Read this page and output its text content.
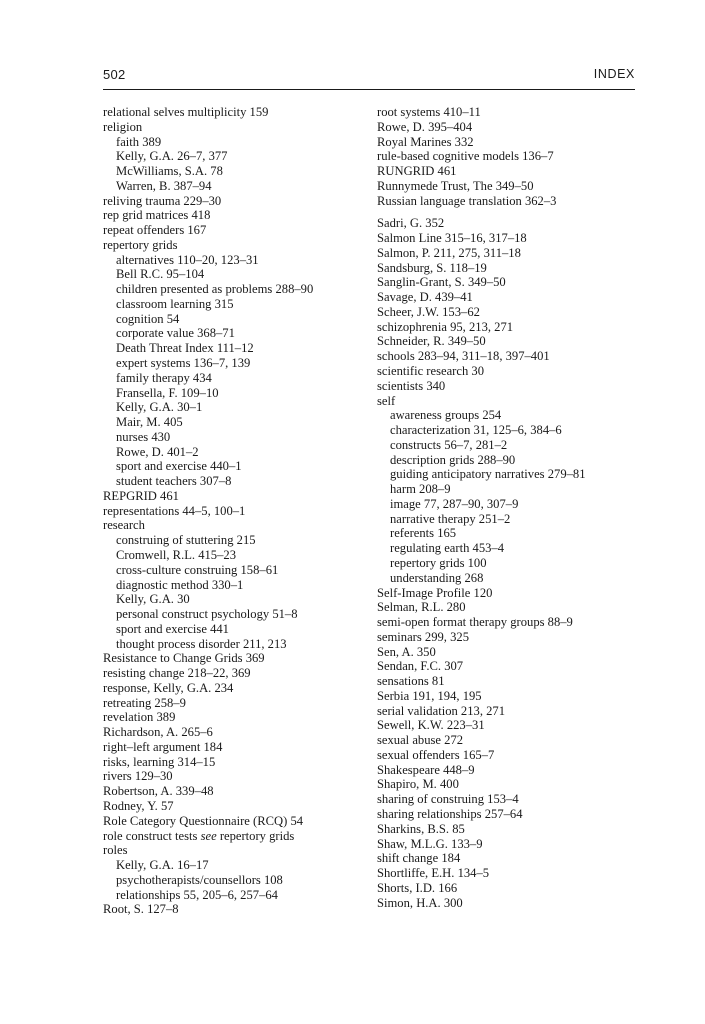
502	INDEX
relational selves multiplicity 159
religion
faith 389
Kelly, G.A. 26–7, 377
McWilliams, S.A. 78
Warren, B. 387–94
reliving trauma 229–30
rep grid matrices 418
repeat offenders 167
repertory grids
alternatives 110–20, 123–31
Bell R.C. 95–104
children presented as problems 288–90
classroom learning 315
cognition 54
corporate value 368–71
Death Threat Index 111–12
expert systems 136–7, 139
family therapy 434
Fransella, F. 109–10
Kelly, G.A. 30–1
Mair, M. 405
nurses 430
Rowe, D. 401–2
sport and exercise 440–1
student teachers 307–8
REPGRID 461
representations 44–5, 100–1
research
construing of stuttering 215
Cromwell, R.L. 415–23
cross-culture construing 158–61
diagnostic method 330–1
Kelly, G.A. 30
personal construct psychology 51–8
sport and exercise 441
thought process disorder 211, 213
Resistance to Change Grids 369
resisting change 218–22, 369
response, Kelly, G.A. 234
retreating 258–9
revelation 389
Richardson, A. 265–6
right–left argument 184
risks, learning 314–15
rivers 129–30
Robertson, A. 339–48
Rodney, Y. 57
Role Category Questionnaire (RCQ) 54
role construct tests see repertory grids
roles
Kelly, G.A. 16–17
psychotherapists/counsellors 108
relationships 55, 205–6, 257–64
Root, S. 127–8
root systems 410–11
Rowe, D. 395–404
Royal Marines 332
rule-based cognitive models 136–7
RUNGRID 461
Runnymede Trust, The 349–50
Russian language translation 362–3
Sadri, G. 352
Salmon Line 315–16, 317–18
Salmon, P. 211, 275, 311–18
Sandsburg, S. 118–19
Sanglin-Grant, S. 349–50
Savage, D. 439–41
Scheer, J.W. 153–62
schizophrenia 95, 213, 271
Schneider, R. 349–50
schools 283–94, 311–18, 397–401
scientific research 30
scientists 340
self
awareness groups 254
characterization 31, 125–6, 384–6
constructs 56–7, 281–2
description grids 288–90
guiding anticipatory narratives 279–81
harm 208–9
image 77, 287–90, 307–9
narrative therapy 251–2
referents 165
regulating earth 453–4
repertory grids 100
understanding 268
Self-Image Profile 120
Selman, R.L. 280
semi-open format therapy groups 88–9
seminars 299, 325
Sen, A. 350
Sendan, F.C. 307
sensations 81
Serbia 191, 194, 195
serial validation 213, 271
Sewell, K.W. 223–31
sexual abuse 272
sexual offenders 165–7
Shakespeare 448–9
Shapiro, M. 400
sharing of construing 153–4
sharing relationships 257–64
Sharkins, B.S. 85
Shaw, M.L.G. 133–9
shift change 184
Shortliffe, E.H. 134–5
Shorts, I.D. 166
Simon, H.A. 300
